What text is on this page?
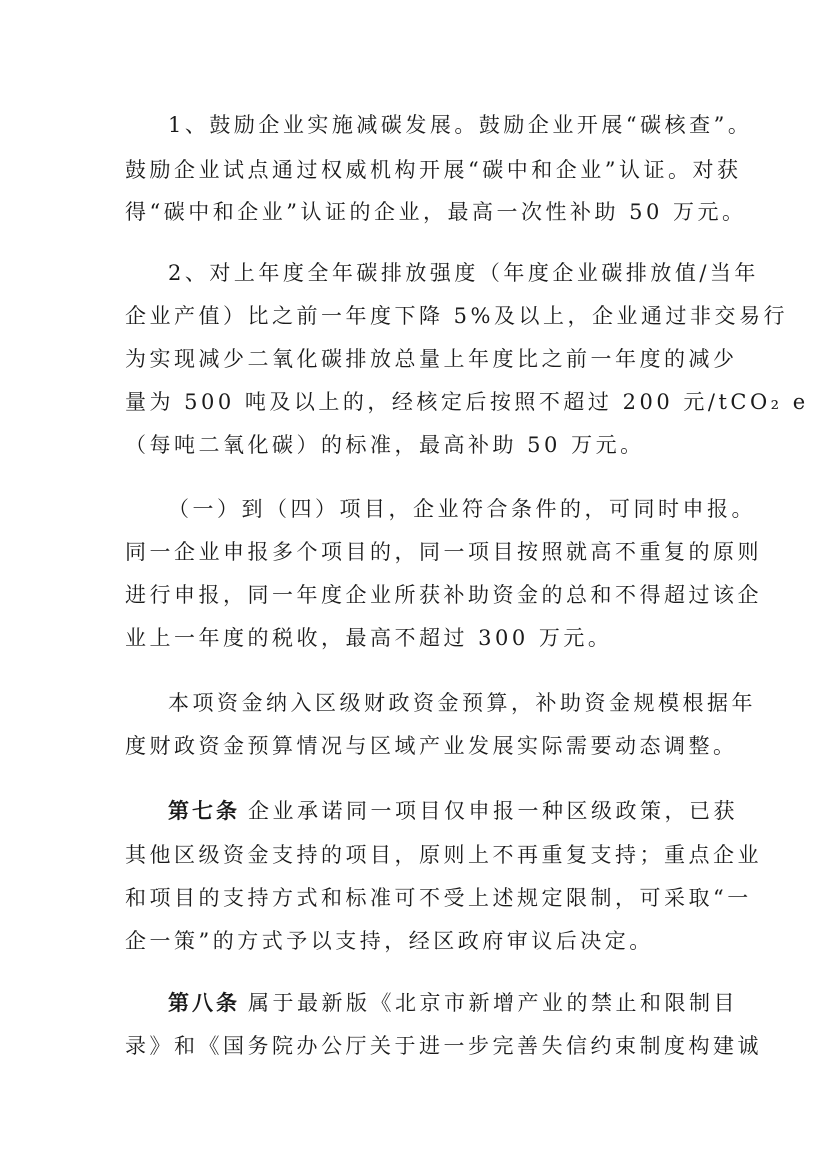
1、鼓励企业实施减碳发展。鼓励企业开展“碳核查”。

鼓励企业试点通过权威机构开展“碳中和企业”认证。对获

得“碳中和企业”认证的企业，最高一次性补助 50 万元。

2、对上年度全年碳排放强度（年度企业碳排放值/当年

企业产值）比之前一年度下降 5%及以上，企业通过非交易行

为实现减少二氧化碳排放总量上年度比之前一年度的减少

量为 500 吨及以上的，经核定后按照不超过 200 元/tCO₂ e

（每吨二氧化碳）的标准，最高补助 50 万元。

（一）到（四）项目，企业符合条件的，可同时申报。

同一企业申报多个项目的，同一项目按照就高不重复的原则

进行申报，同一年度企业所获补助资金的总和不得超过该企

业上一年度的税收，最高不超过 300 万元。

本项资金纳入区级财政资金预算，补助资金规模根据年

度财政资金预算情况与区域产业发展实际需要动态调整。

第七条 企业承诺同一项目仅申报一种区级政策，已获

其他区级资金支持的项目，原则上不再重复支持；重点企业

和项目的支持方式和标准可不受上述规定限制，可采取“一

企一策”的方式予以支持，经区政府审议后决定。

第八条 属于最新版《北京市新增产业的禁止和限制目

录》和《国务院办公厅关于进一步完善失信约束制度构建诚
